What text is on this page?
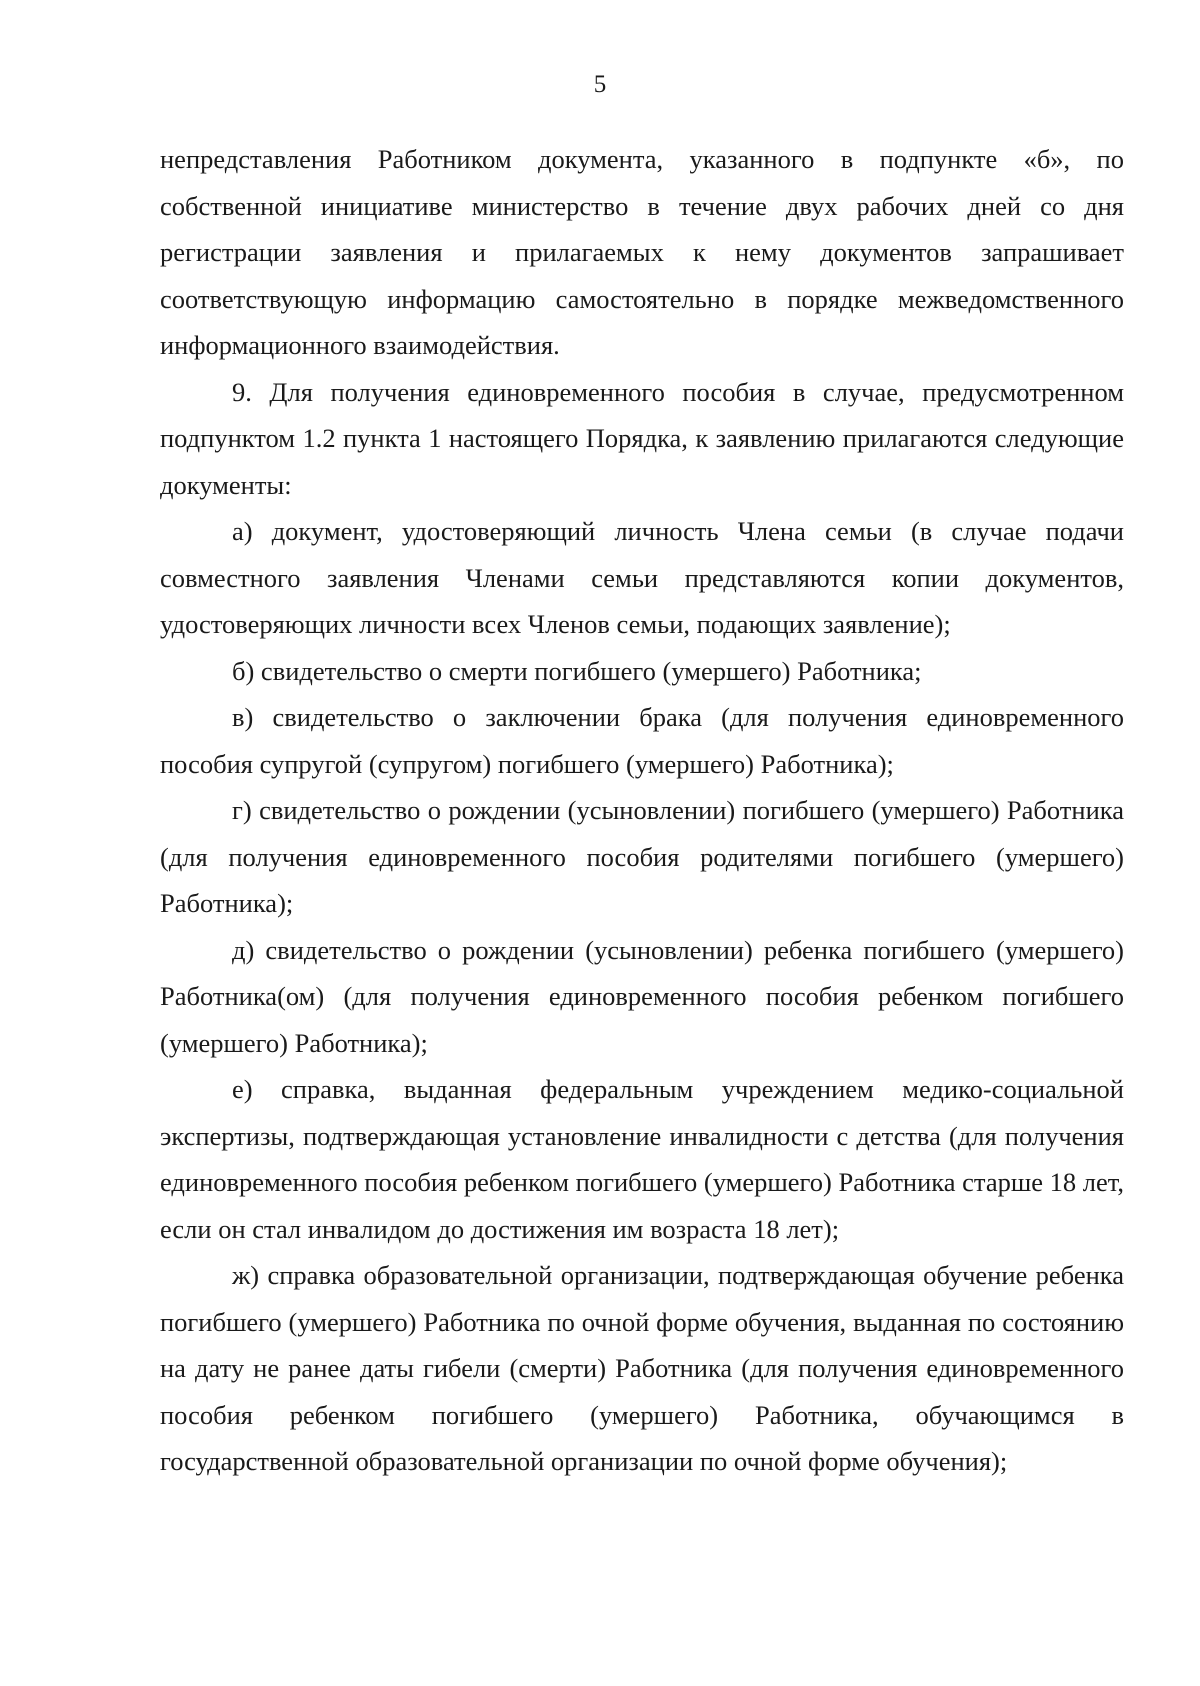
5

непредставления Работником документа, указанного в подпункте «б», по собственной инициативе министерство в течение двух рабочих дней со дня регистрации заявления и прилагаемых к нему документов запрашивает соответствующую информацию самостоятельно в порядке межведомственного информационного взаимодействия.

9. Для получения единовременного пособия в случае, предусмотренном подпунктом 1.2 пункта 1 настоящего Порядка, к заявлению прилагаются следующие документы:

а) документ, удостоверяющий личность Члена семьи (в случае подачи совместного заявления Членами семьи представляются копии документов, удостоверяющих личности всех Членов семьи, подающих заявление);

б) свидетельство о смерти погибшего (умершего) Работника;

в) свидетельство о заключении брака (для получения единовременного пособия супругой (супругом) погибшего (умершего) Работника);

г) свидетельство о рождении (усыновлении) погибшего (умершего) Работника (для получения единовременного пособия родителями погибшего (умершего) Работника);

д) свидетельство о рождении (усыновлении) ребенка погибшего (умершего) Работника(ом) (для получения единовременного пособия ребенком погибшего (умершего) Работника);

е) справка, выданная федеральным учреждением медико-социальной экспертизы, подтверждающая установление инвалидности с детства (для получения единовременного пособия ребенком погибшего (умершего) Работника старше 18 лет, если он стал инвалидом до достижения им возраста 18 лет);

ж) справка образовательной организации, подтверждающая обучение ребенка погибшего (умершего) Работника по очной форме обучения, выданная по состоянию на дату не ранее даты гибели (смерти) Работника (для получения единовременного пособия ребенком погибшего (умершего) Работника, обучающимся в государственной образовательной организации по очной форме обучения);
